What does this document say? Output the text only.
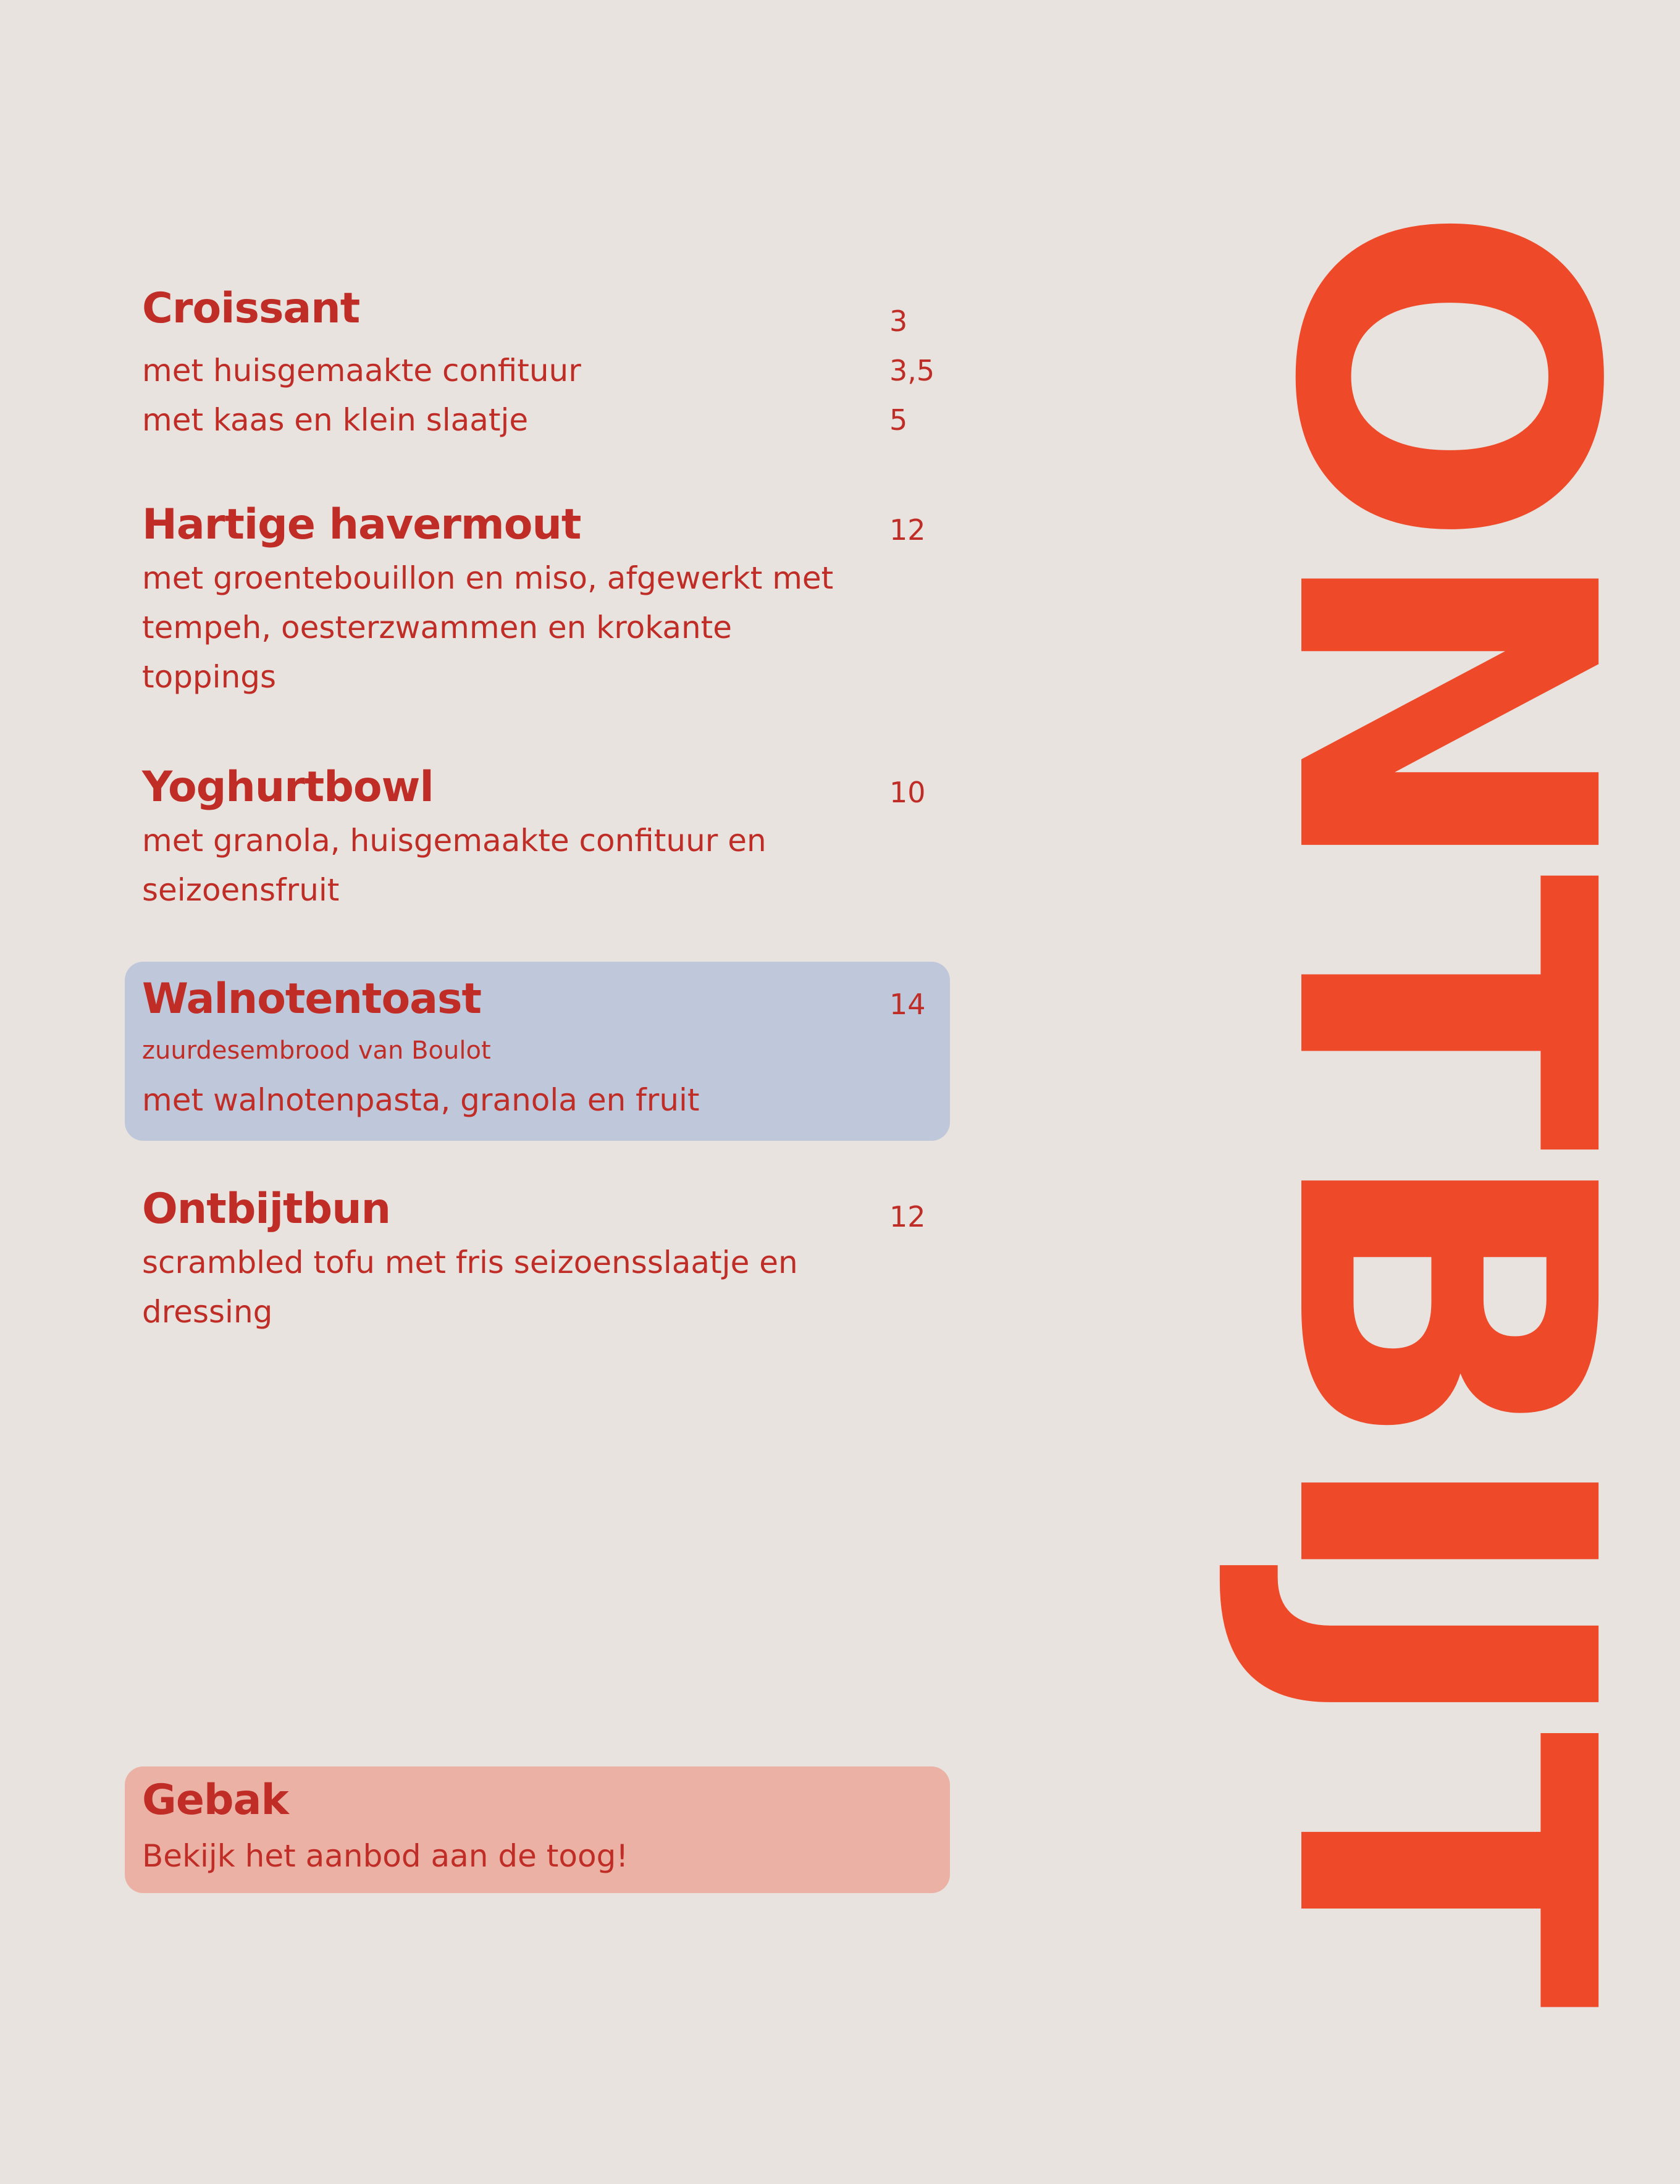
Croissant	3
met huisgemaakte confituur	3,5
met kaas en klein slaatje	5
Hartige havermout	12
met groentebouillon en miso, afgewerkt met tempeh, oesterzwammen en krokante toppings
Yoghurtbowl	10
met granola, huisgemaakte confituur en seizoensfruit
Walnotentoast	14
zuurdesembrood van Boulot
met walnotenpasta, granola en fruit
Ontbijtbun	12
scrambled tofu met fris seizoensslaatje en dressing
Gebak
Bekijk het aanbod aan de toog! ONTBIJT
